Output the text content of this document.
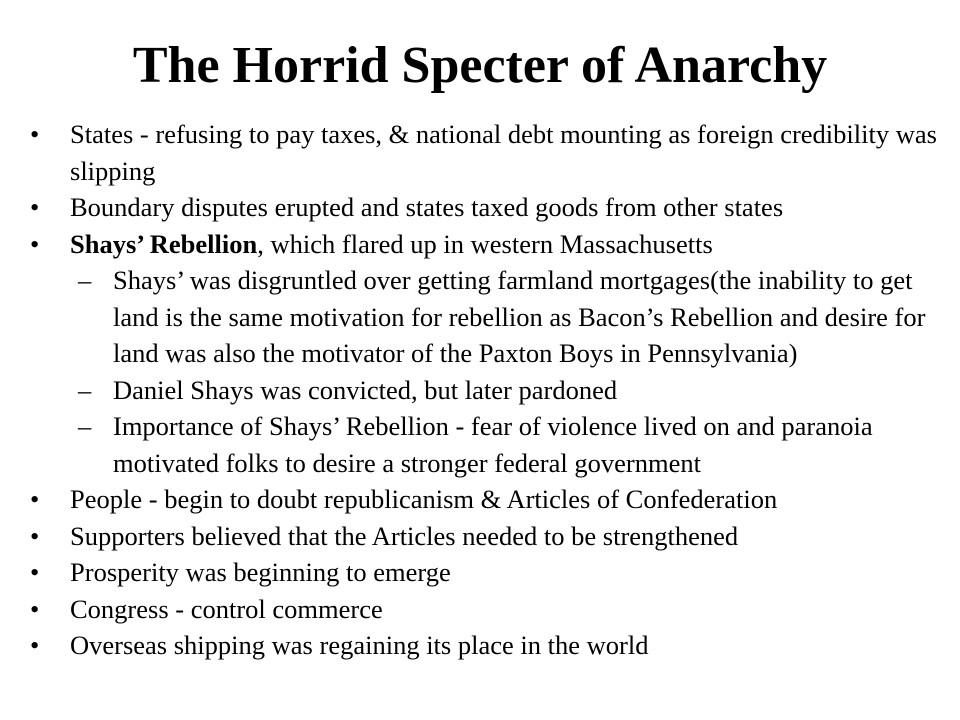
The Horrid Specter of Anarchy
• States - refusing to pay taxes, & national debt mounting as foreign credibility was slipping
• Boundary disputes erupted and states taxed goods from other states
• Shays’ Rebellion, which flared up in western Massachusetts
– Shays’ was disgruntled over getting farmland mortgages(the inability to get land is the same motivation for rebellion as Bacon’s Rebellion and desire for land was also the motivator of the Paxton Boys in Pennsylvania)
– Daniel Shays was convicted, but later pardoned
– Importance of Shays’ Rebellion - fear of violence lived on and paranoia motivated folks to desire a stronger federal government
• People - begin to doubt republicanism & Articles of Confederation
• Supporters believed that the Articles needed to be strengthened
• Prosperity was beginning to emerge
• Congress - control commerce
• Overseas shipping was regaining its place in the world
